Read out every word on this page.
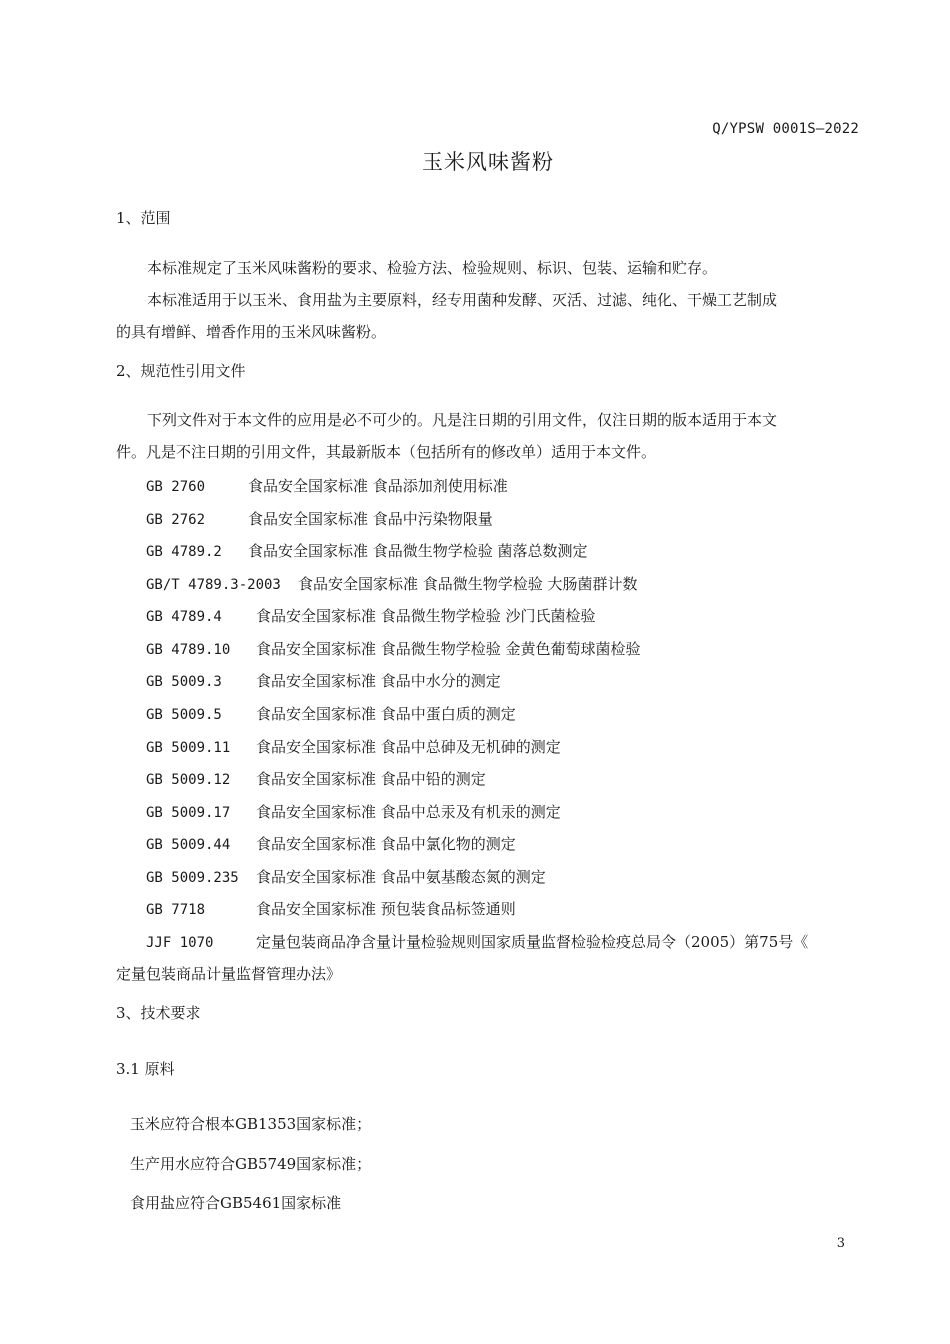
Q/YPSW 0001S—2022
玉米风味酱粉
1、范围
本标准规定了玉米风味酱粉的要求、检验方法、检验规则、标识、包装、运输和贮存。
本标准适用于以玉米、食用盐为主要原料，经专用菌种发酵、灭活、过滤、纯化、干燥工艺制成
的具有增鲜、增香作用的玉米风味酱粉。
2、规范性引用文件
下列文件对于本文件的应用是必不可少的。凡是注日期的引用文件，仅注日期的版本适用于本文
件。凡是不注日期的引用文件，其最新版本（包括所有的修改单）适用于本文件。
GB 2760	食品安全国家标准 食品添加剂使用标准
GB 2762	食品安全国家标准 食品中污染物限量
GB 4789.2 食品安全国家标准 食品微生物学检验 菌落总数测定
GB/T 4789.3-2003 食品安全国家标准 食品微生物学检验 大肠菌群计数
GB 4789.4 食品安全国家标准 食品微生物学检验 沙门氏菌检验
GB 4789.10 食品安全国家标准 食品微生物学检验 金黄色葡萄球菌检验
GB 5009.3 食品安全国家标准 食品中水分的测定
GB 5009.5 食品安全国家标准 食品中蛋白质的测定
GB 5009.11 食品安全国家标准 食品中总砷及无机砷的测定
GB 5009.12 食品安全国家标准 食品中铅的测定
GB 5009.17 食品安全国家标准 食品中总汞及有机汞的测定
GB 5009.44 食品安全国家标准 食品中氯化物的测定
GB 5009.235 食品安全国家标准 食品中氨基酸态氮的测定
GB 7718	食品安全国家标准 预包装食品标签通则
JJF 1070	定量包装商品净含量计量检验规则国家质量监督检验检疫总局令（2005）第75号《
定量包装商品计量监督管理办法》
3、技术要求
3.1 原料
玉米应符合根本GB1353国家标准；
生产用水应符合GB5749国家标准；
食用盐应符合GB5461国家标准
3
